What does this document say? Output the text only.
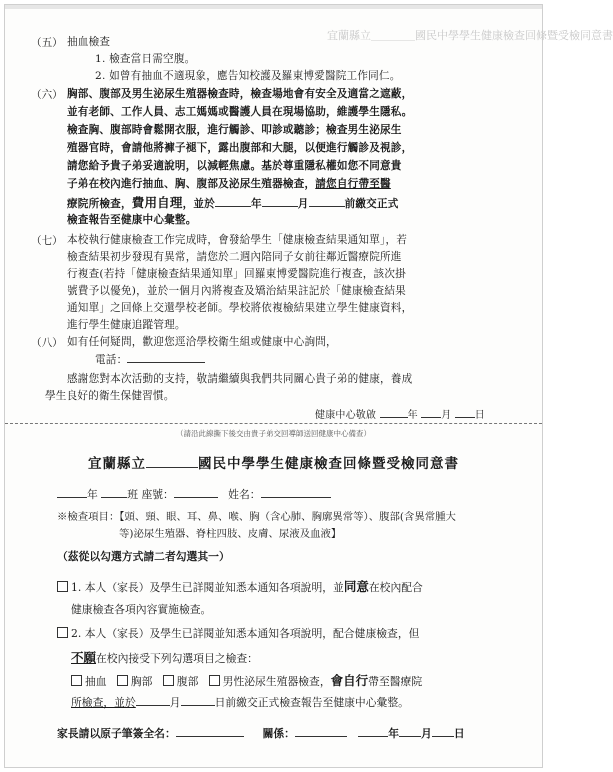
宜蘭縣立＿＿＿＿國民中學學生健康檢查回條暨受檢同意書
（五） 抽血檢查
1. 檢查當日需空腹。
2. 如曾有抽血不適現象，應告知校護及羅東博愛醫院工作同仁。
（六） 胸部、腹部及男生泌尿生殖器檢查時，檢查場地會有安全及適當之遮蔽，
並有老師、工作人員、志工媽媽或醫護人員在現場協助，維護學生隱私。
檢查胸、腹部時會鬆開衣服，進行觸診、叩診或聽診；檢查男生泌尿生
殖器官時，會請他將褲子褪下，露出腹部和大腿，以便進行觸診及視診，
請您給予貴子弟妥適說明，以減輕焦慮。基於尊重隱私權如您不同意貴
子弟在校內進行抽血、胸、腹部及泌尿生殖器檢查，請您自行帶至醫
療院所檢查，費用自理，並於	年	月	前繳交正式
檢查報告至健康中心彙整。
（七） 本校執行健康檢查工作完成時，會發給學生「健康檢查結果通知單」，若
檢查結果初步發現有異常，請您於二週內陪同子女前往鄰近醫療院所進
行複查(若持「健康檢查結果通知單」回羅東博愛醫院進行複查，該次掛
號費予以優免)，並於一個月內將複查及矯治結果註記於「健康檢查結果
通知單」之回條上交還學校老師。學校將依複檢結果建立學生健康資料，
進行學生健康追蹤管理。
（八） 如有任何疑問，歡迎您逕洽學校衛生組或健康中心詢問，
電話：
感謝您對本次活動的支持，敬請繼續與我們共同關心貴子弟的健康，養成
學生良好的衛生保健習慣。
健康中心敬啟	年 月 日
（請沿此線撕下後交由貴子弟交回導師送回健康中心備查）
宜蘭縣立	國民中學學生健康檢查回條暨受檢同意書
年	班 座號：	姓名：
※檢查項目：【頭、頸、眼、耳、鼻、喉、胸（含心肺、胸廓異常等）、腹部(含異常腫大
等)泌尿生殖器、脊柱四肢、皮膚、尿液及血液】
（茲從以勾選方式請二者勾選其一）
1. 本人（家長）及學生已詳閱並知悉本通知各項說明，並同意在校內配合
健康檢查各項內容實施檢查。
2. 本人（家長）及學生已詳閱並知悉本通知各項說明，配合健康檢查，但
不願在校內接受下列勾選項目之檢查：
抽血 胸部 腹部 男性泌尿生殖器檢查，會自行帶至醫療院
所檢查，並於	月	日前繳交正式檢查報告至健康中心彙整。
家長請以原子筆簽全名：	關係：	年 月 日
